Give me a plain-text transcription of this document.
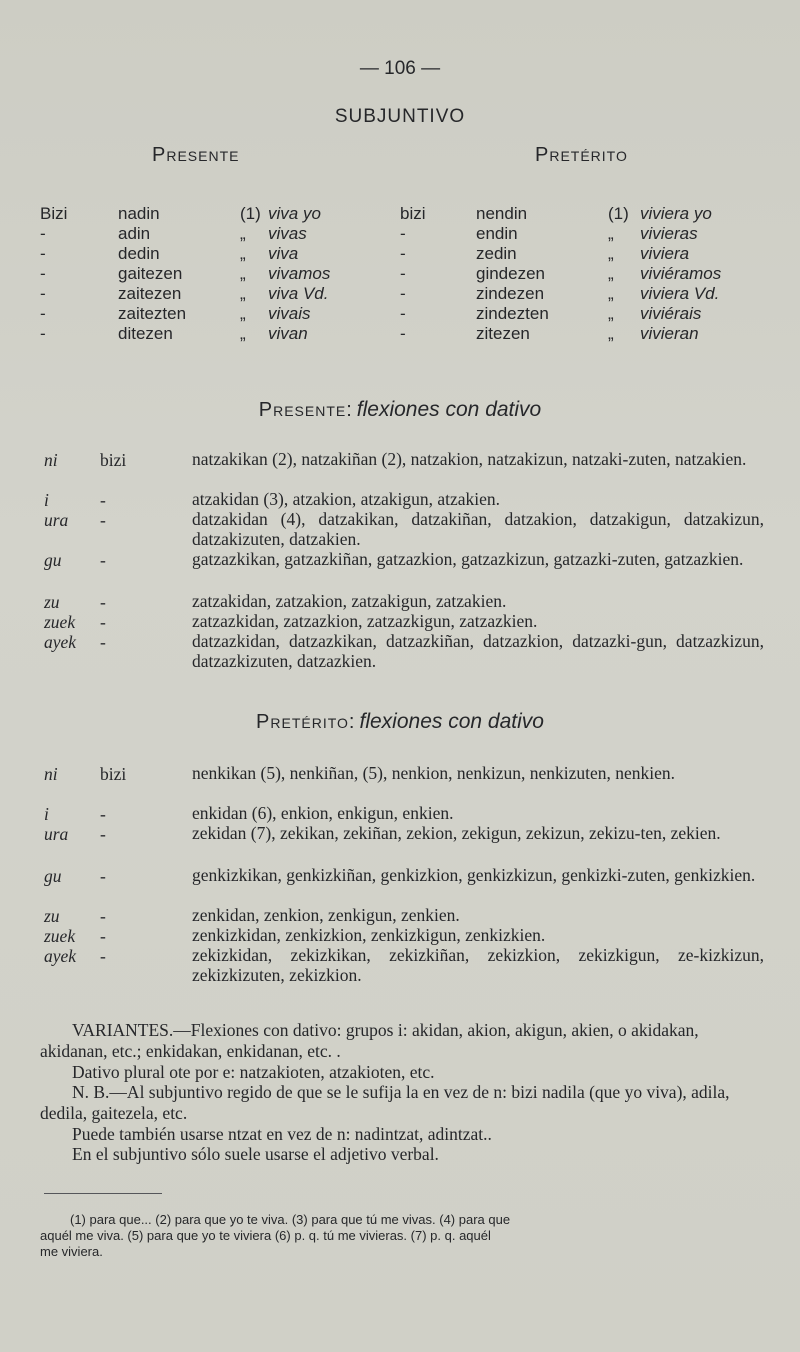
— 106 —
SUBJUNTIVO
Presente	Pretérito
Bizi	nadin	(1) viva yo	bizi	nendin	(1) viviera yo
-	adin	„ vivas	-	endin	„ vivieras
-	dedin	„ viva	-	zedin	„ viviera
-	gaitezen	„ vivamos	-	gindezen	„ viviéramos
-	zaitezen	„ viva Vd.	-	zindezen	„ viviera Vd.
-	zaitezten	„ vivais	-	zindezten	„ viviérais
-	ditezen	„ vivan	-	zitezen	„ vivieran
Presente: flexiones con dativo
ni bizi	natzakikan (2), natzakiñan (2), natzakion, natzakizun, natzaki-zuten, natzakien.
i	-	atzakidan (3), atzakion, atzakigun, atzakien.
ura -	datzakidan (4), datzakikan, datzakiñan, datzakion, datzakigun, datzakizun, datzakizuten, datzakien.
gu -	gatzazkikan, gatzazkiñan, gatzazkion, gatzazkizun, gatzazki-zuten, gatzazkien.
zu -	zatzakidan, zatzakion, zatzakigun, zatzakien.
zuek -	zatzazkidan, zatzazkion, zatzazkigun, zatzazkien.
ayek -	datzazkidan, datzazkikan, datzazkiñan, datzazkion, datzazki-gun, datzazkizun, datzazkizuten, datzazkien.
Pretérito: flexiones con dativo
ni bizi	nenkikan (5), nenkiñan, (5), nenkion, nenkizun, nenkizuten, nenkien.
i	-	enkidan (6), enkion, enkigun, enkien.
ura -	zekidan (7), zekikan, zekiñan, zekion, zekigun, zekizun, zekizu-ten, zekien.
gu -	genkizkikan, genkizkiñan, genkizkion, genkizkizun, genkizki-zuten, genkizkien.
zu -	zenkidan, zenkion, zenkigun, zenkien.
zuek -	zenkizkidan, zenkizkion, zenkizkigun, zenkizkien.
ayek -	zekizkidan, zekizkikan, zekizkiñan, zekizkion, zekizkigun, ze-kizkizun, zekizkizuten, zekizkion.
VARIANTES.—Flexiones con dativo: grupos i: akidan, akion, akigun, akien, o akidakan, akidanan, etc.; enkidakan, enkidanan, etc. .
Dativo plural ote por e: natzakioten, atzakioten, etc.
N. B.—Al subjuntivo regido de que se le sufija la en vez de n: bizi nadila (que yo viva), adila, dedila, gaitezela, etc.
Puede también usarse ntzat en vez de n: nadintzat, adintzat..
En el subjuntivo sólo suele usarse el adjetivo verbal.
(1) para que... (2) para que yo te viva. (3) para que tú me vivas. (4) para que
aquél me viva. (5) para que yo te viviera (6) p. q. tú me vivieras. (7) p. q. aquél
me viviera.
